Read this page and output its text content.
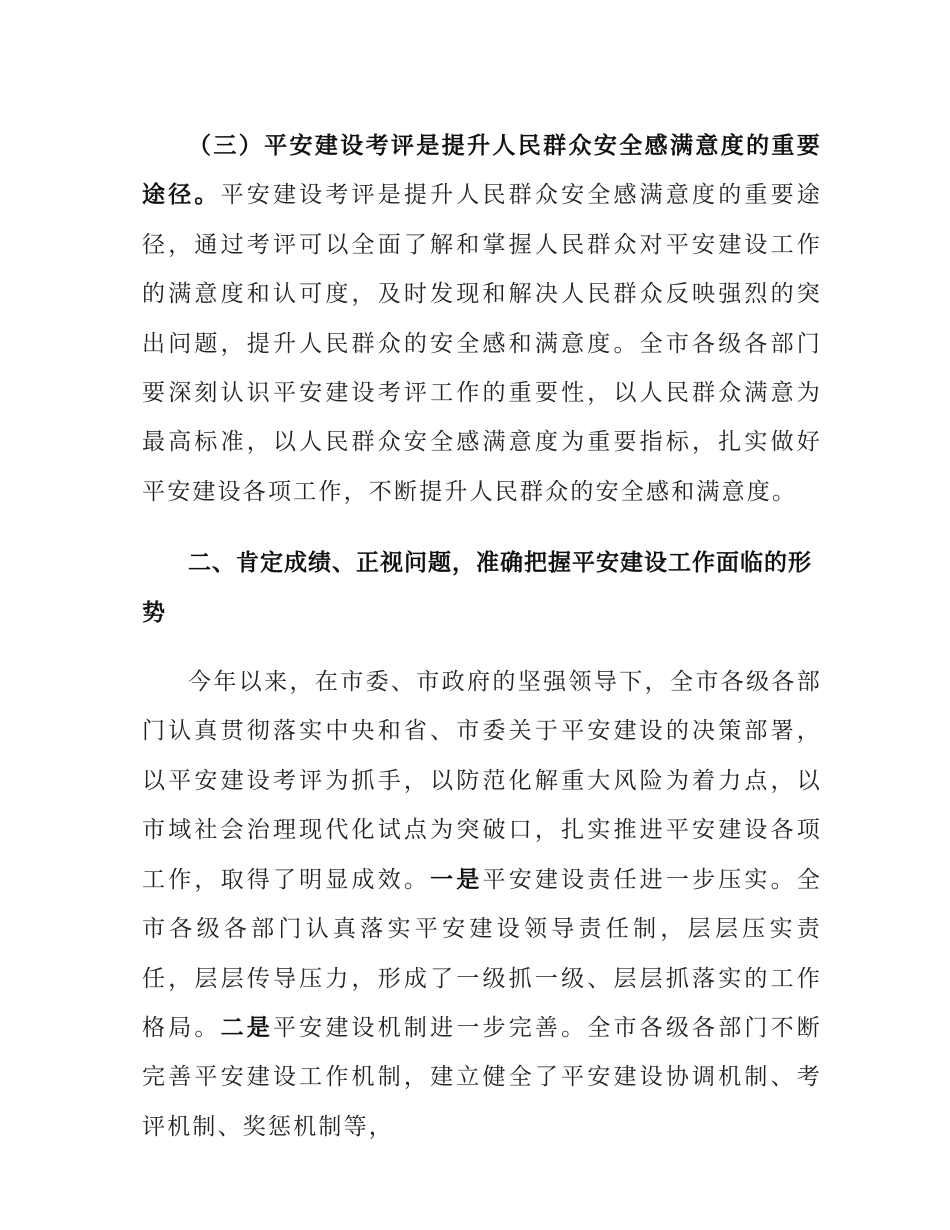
（三）平安建设考评是提升人民群众安全感满意度的重要途径。平安建设考评是提升人民群众安全感满意度的重要途径，通过考评可以全面了解和掌握人民群众对平安建设工作的满意度和认可度，及时发现和解决人民群众反映强烈的突出问题，提升人民群众的安全感和满意度。全市各级各部门要深刻认识平安建设考评工作的重要性，以人民群众满意为最高标准，以人民群众安全感满意度为重要指标，扎实做好平安建设各项工作，不断提升人民群众的安全感和满意度。

二、肯定成绩、正视问题，准确把握平安建设工作面临的形势

今年以来，在市委、市政府的坚强领导下，全市各级各部门认真贯彻落实中央和省、市委关于平安建设的决策部署，以平安建设考评为抓手，以防范化解重大风险为着力点，以市域社会治理现代化试点为突破口，扎实推进平安建设各项工作，取得了明显成效。一是平安建设责任进一步压实。全市各级各部门认真落实平安建设领导责任制，层层压实责任，层层传导压力，形成了一级抓一级、层层抓落实的工作格局。二是平安建设机制进一步完善。全市各级各部门不断完善平安建设工作机制，建立健全了平安建设协调机制、考评机制、奖惩机制等，
